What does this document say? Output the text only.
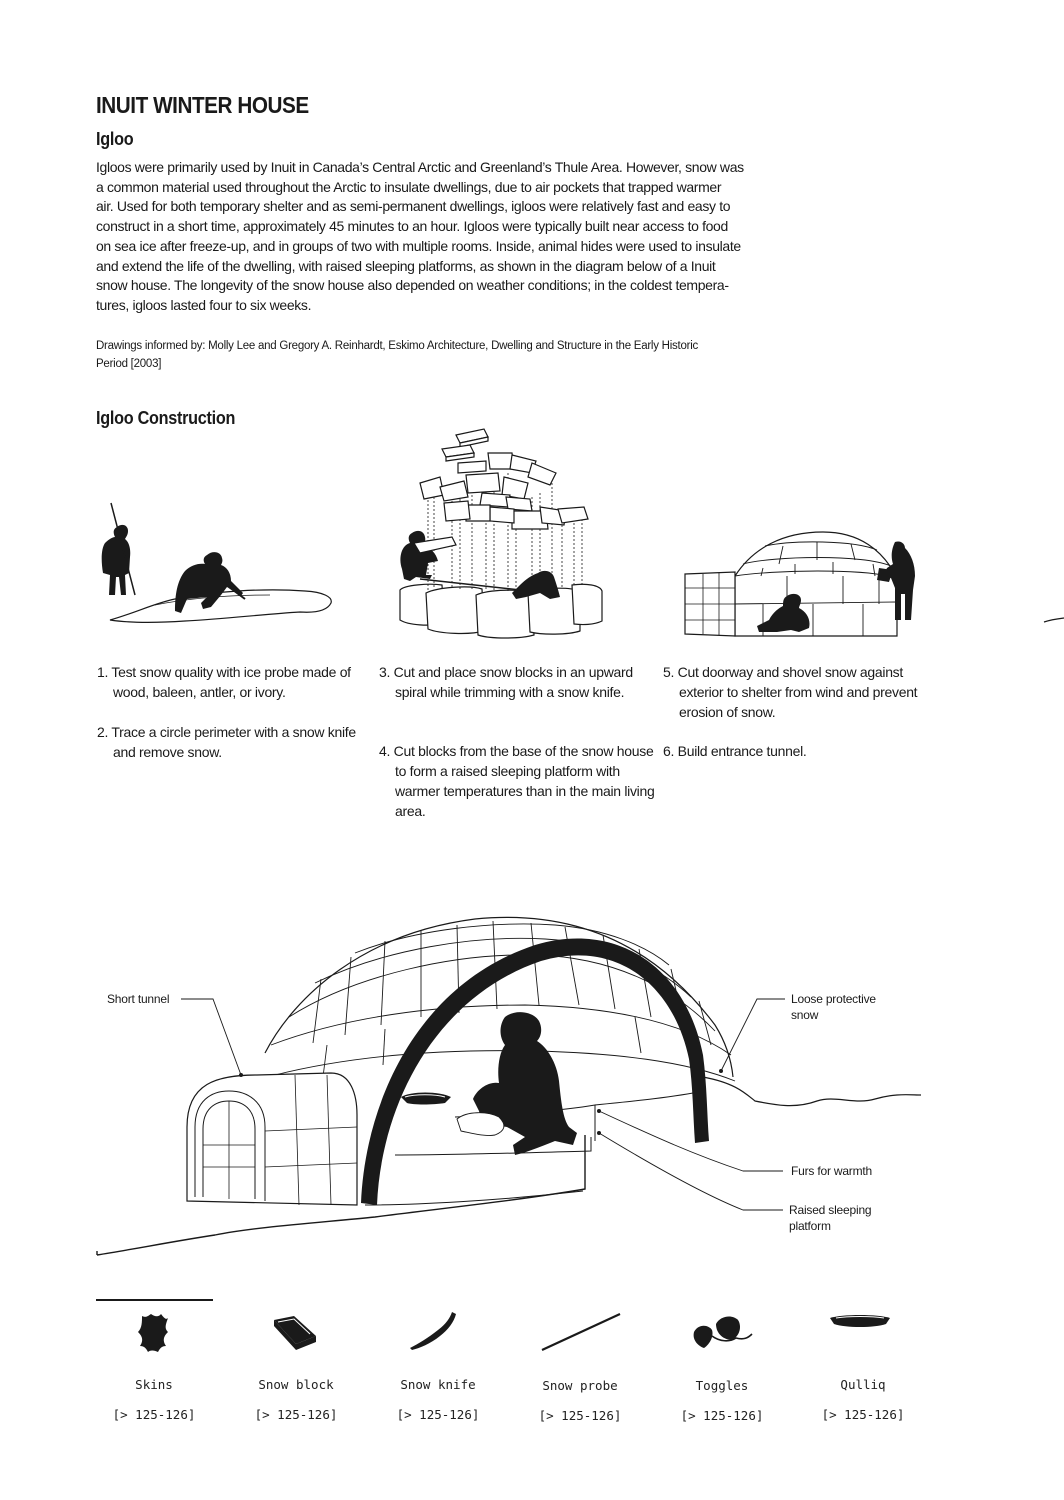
INUIT WINTER HOUSE
Igloo

Igloos were primarily used by Inuit in Canada’s Central Arctic and Greenland’s Thule Area. However, snow was
a common material used throughout the Arctic to insulate dwellings, due to air pockets that trapped warmer
air. Used for both temporary shelter and as semi-permanent dwellings, igloos were relatively fast and easy to
construct in a short time, approximately 45 minutes to an hour. Igloos were typically built near access to food
on sea ice after freeze-up, and in groups of two with multiple rooms. Inside, animal hides were used to insulate
and extend the life of the dwelling, with raised sleeping platforms, as shown in the diagram below of a Inuit
snow house. The longevity of the snow house also depended on weather conditions; in the coldest tempera-
tures, igloos lasted four to six weeks.

Drawings informed by: Molly Lee and Gregory A. Reinhardt, Eskimo Architecture, Dwelling and Structure in the Early Historic
Period [2003]

Igloo Construction

1. Test snow quality with ice probe made of wood, baleen, antler, or ivory.

2. Trace a circle perimeter with a snow knife and remove snow.

3. Cut and place snow blocks in an upward spiral while trimming with a snow knife.

4. Cut blocks from the base of the snow house to form a raised sleeping platform with warmer temperatures than in the main living area.

5. Cut doorway and shovel snow against exterior to shelter from wind and prevent erosion of snow.

6. Build entrance tunnel.

Short tunnel	Loose protective
snow

Furs for warmth

Raised sleeping
platform

Skins

[> 125-126]

Snow block

[> 125-126]

Snow knife

[> 125-126]

Snow probe

[> 125-126]

Toggles

[> 125-126]

Qulliq

[> 125-126]
